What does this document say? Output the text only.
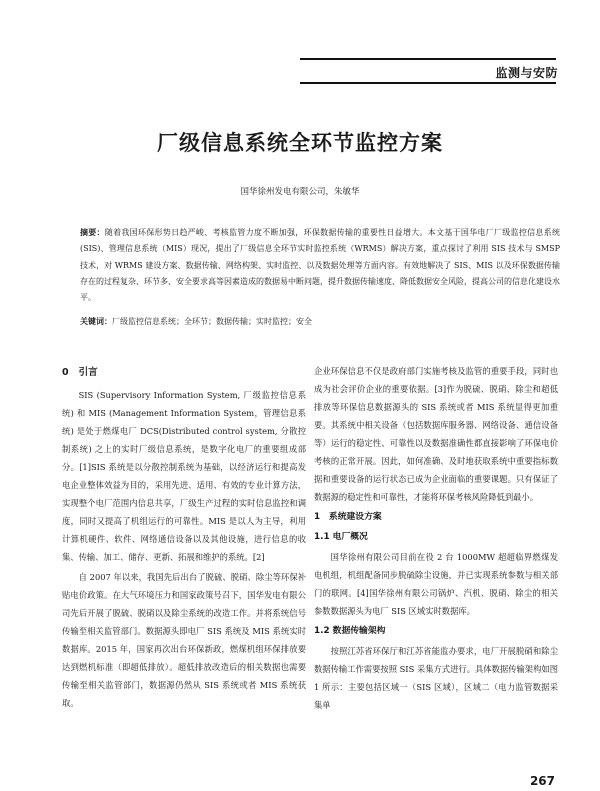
监测与安防
厂级信息系统全环节监控方案
国华徐州发电有限公司，朱敏华

摘要：随着我国环保形势日趋严峻、考核监管力度不断加强，环保数据传输的重要性日益增大。本文基于国华电厂厂级监控信息系统(SIS)、管理信息系统（MIS）现况，提出了厂级信息全环节实时监控系统（WRMS）解决方案，重点探讨了利用 SIS 技术与 SMSP 技术，对 WRMS 建设方案、数据传输、网络构架、实时监控、以及数据处理等方面内容。有效地解决了 SIS、MIS 以及环保数据传输存在的过程复杂、环节多、安全要求高等因素造成的数据易中断问题，提升数据传输速度、降低数据安全风险，提高公司的信息化建设水平。

关键词：厂级监控信息系统；全环节；数据传输；实时监控；安全
0 引言

SIS (Supervisory Information System, 厂级监控信息系统) 和 MIS (Management Information System，管理信息系统) 是处于燃煤电厂 DCS(Distributed control system, 分散控制系统) 之上的实时厂级信息系统，是数字化电厂的重要组成部分。[1]SIS 系统是以分散控制系统为基础，以经济运行和提高发电企业整体效益为目的，采用先进、适用、有效的专业计算方法，实现整个电厂范围内信息共享，厂级生产过程的实时信息监控和调度，同时又提高了机组运行的可靠性。MIS 是以人为主导，利用计算机硬件、软件、网络通信设备以及其他设施，进行信息的收集、传输、加工、储存、更新、拓展和维护的系统。[2]

自 2007 年以来，我国先后出台了脱硫、脱硝、除尘等环保补贴电价政策。在大气环境压力和国家政策号召下，国华发电有限公司先后开展了脱硫、脱硝以及除尘系统的改造工作。并将系统信号传输至相关监管部门。数据源头即电厂 SIS 系统及 MIS 系统实时数据库。2015 年，国家再次出台环保新政，燃煤机组环保排放要达到燃机标准（即超低排放）。超低排放改造后的相关数据也需要传输至相关监管部门，数据源仍然从 SIS 系统或者 MIS 系统获取。

企业环保信息不仅是政府部门实施考核及监管的重要手段，同时也成为社会评价企业的重要依据。[3]作为脱硫、脱硝、除尘和超低排放等环保信息数据源头的 SIS 系统或者 MIS 系统显得更加重要。其系统中相关设备（包括数据库服务器、网络设备、通信设备等）运行的稳定性、可靠性以及数据准确性都直接影响了环保电价考核的正常开展。因此，如何准确、及时地获取系统中重要指标数据和重要设备的运行状态已成为企业面临的重要课题。只有保证了数据源的稳定性和可靠性，才能将环保考核风险降低到最小。

1　系统建设方案
1.1 电厂概况

国华徐州有限公司目前在役 2 台 1000MW 超超临界燃煤发电机组，机组配备同步脱硫除尘设施，并已实现系统参数与相关部门的联网。[4]国华徐州有限公司锅炉、汽机、脱硝、除尘的相关参数数据源头为电厂 SIS 区域实时数据库。

1.2 数据传输架构

按照江苏省环保厅和江苏省能监办要求，电厂开展脱硝和除尘数据传输工作需要按照 SIS 采集方式进行。具体数据传输架构如图 1 所示：主要包括区域一（SIS 区域），区域二（电力监管数据采集单

267
